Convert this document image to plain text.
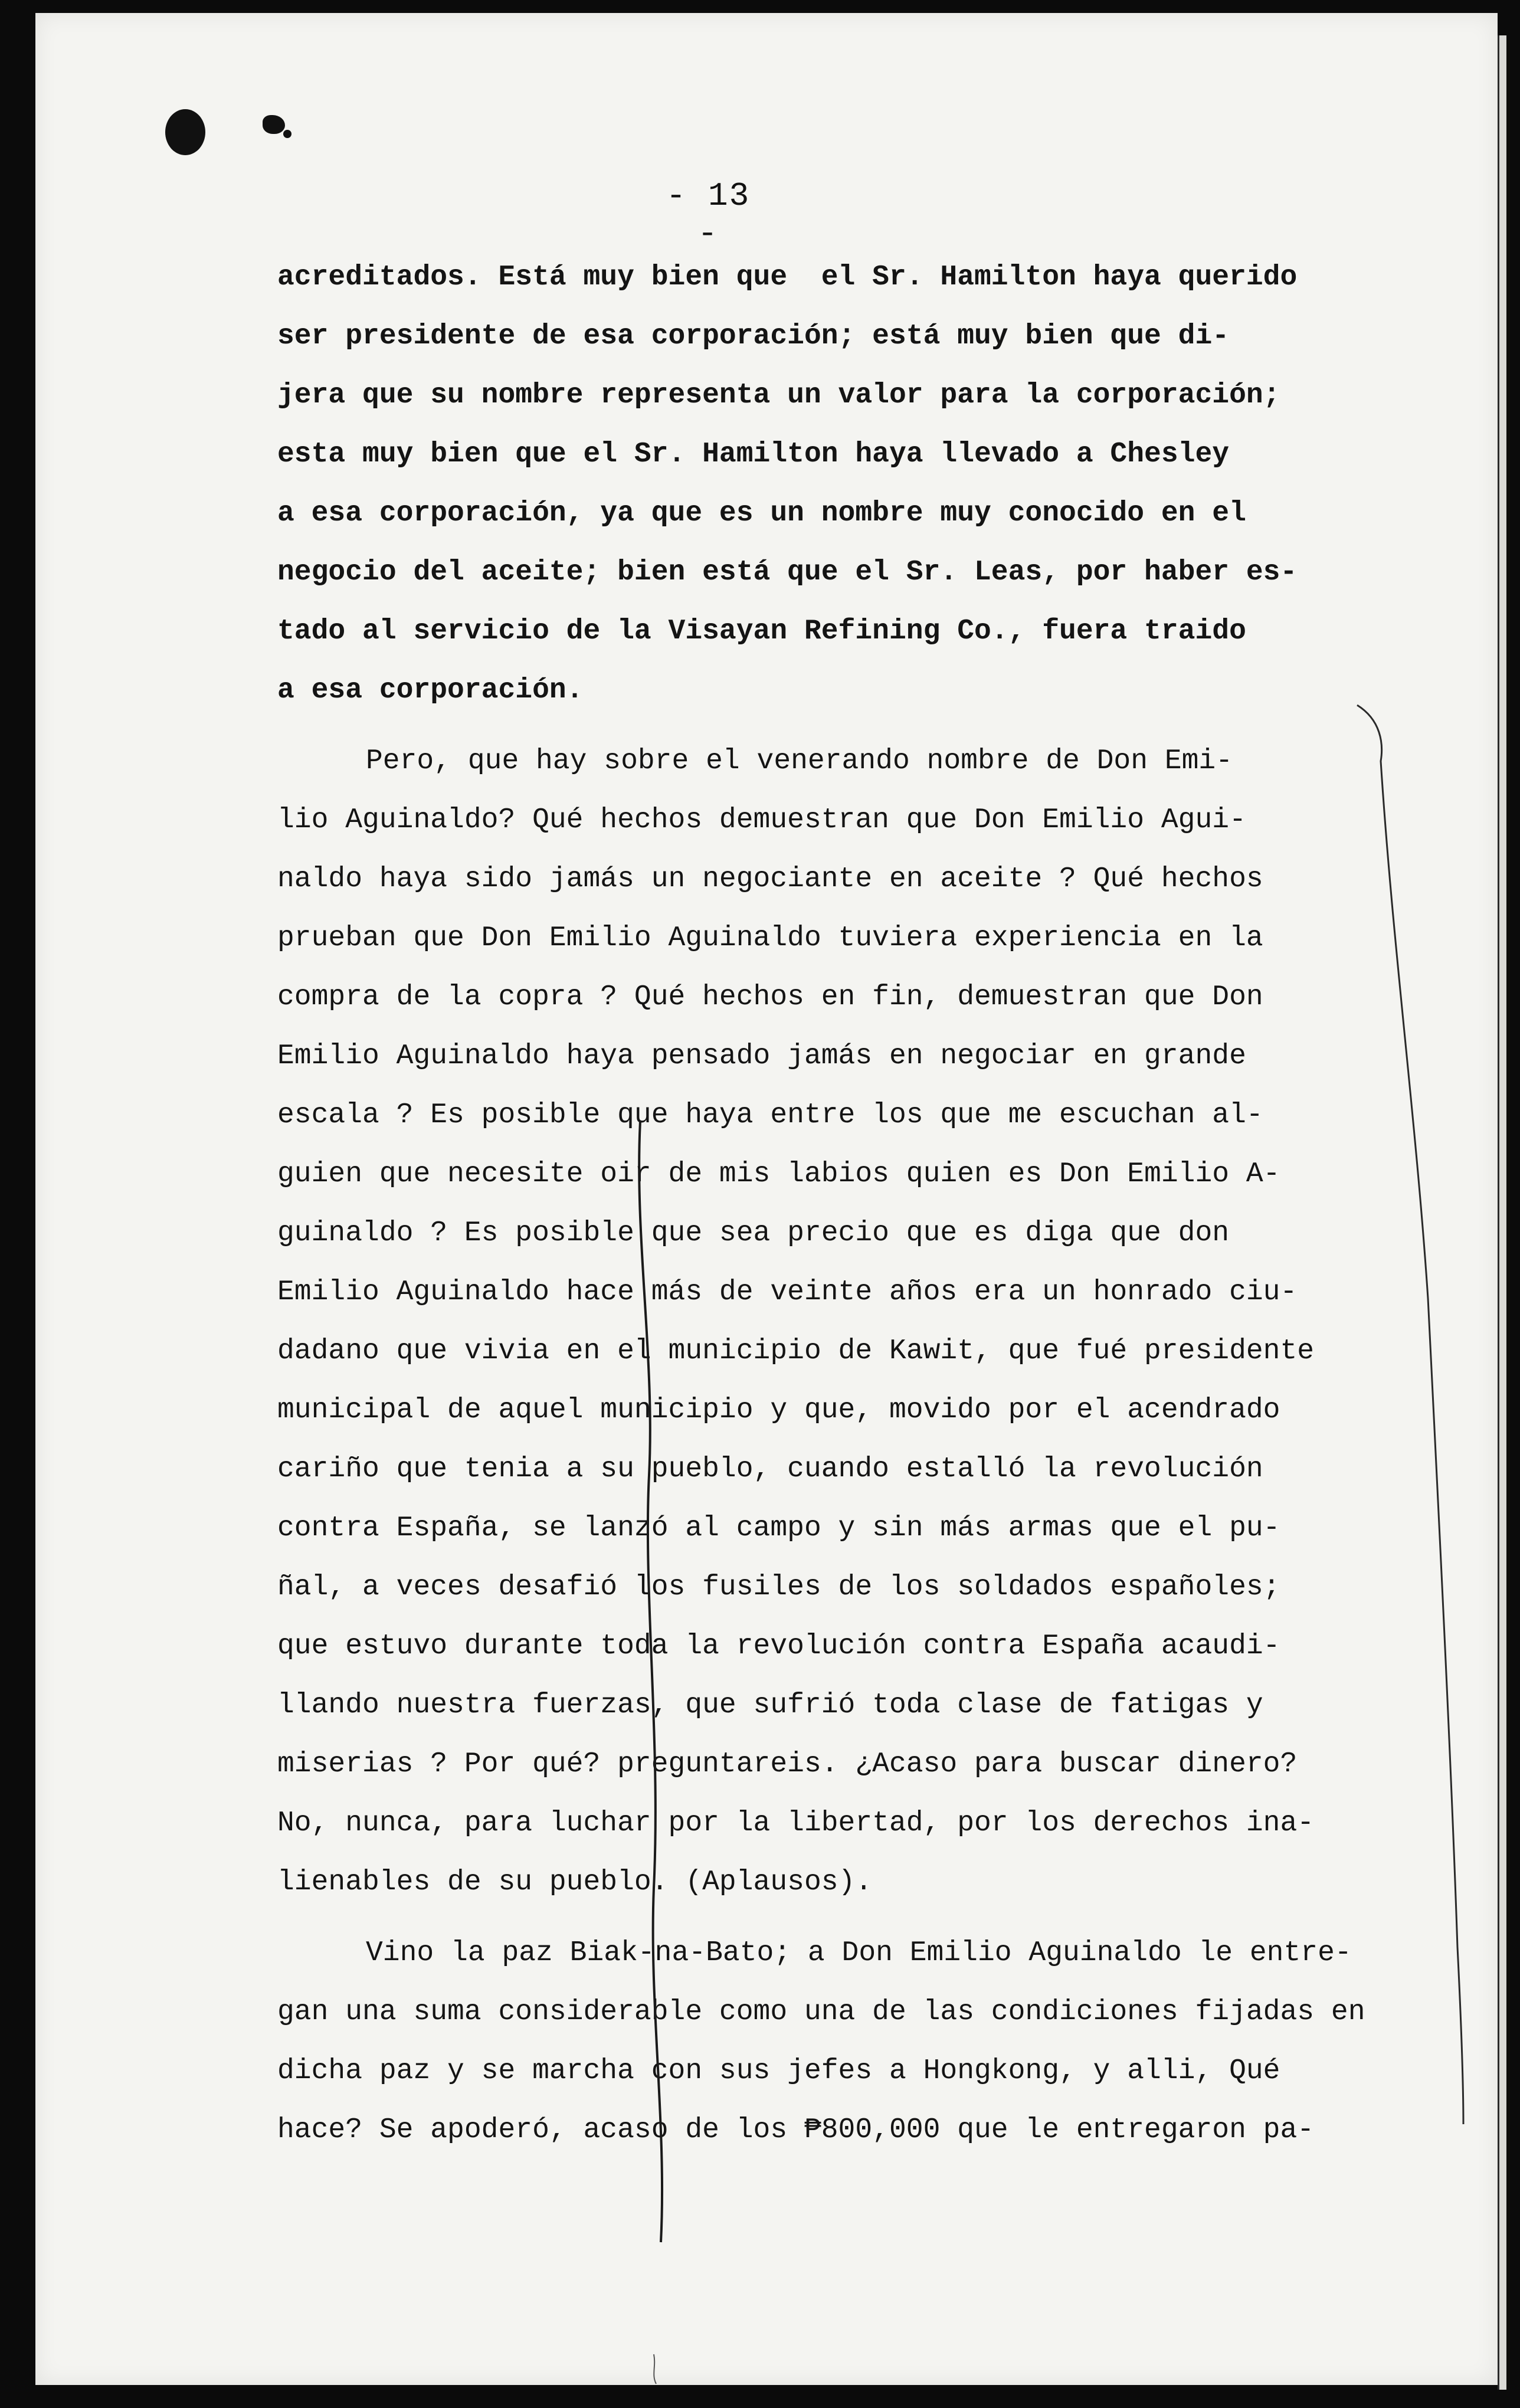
- 13 -
acreditados. Está muy bien que  el Sr. Hamilton haya querido
ser presidente de esa corporación; está muy bien que di-
jera que su nombre representa un valor para la corporación;
esta muy bien que el Sr. Hamilton haya llevado a Chesley
a esa corporación, ya que es un nombre muy conocido en el
negocio del aceite; bien está que el Sr. Leas, por haber es-
tado al servicio de la Visayan Refining Co., fuera traido
a esa corporación.
Pero, que hay sobre el venerando nombre de Don Emi-
lio Aguinaldo? Qué hechos demuestran que Don Emilio Agui-
naldo haya sido jamás un negociante en aceite ? Qué hechos
prueban que Don Emilio Aguinaldo tuviera experiencia en la
compra de la copra ? Qué hechos en fin, demuestran que Don
Emilio Aguinaldo haya pensado jamás en negociar en grande
escala ? Es posible que haya entre los que me escuchan al-
guien que necesite oir de mis labios quien es Don Emilio A-
guinaldo ? Es posible que sea precio que es diga que don
Emilio Aguinaldo hace más de veinte años era un honrado ciu-
dadano que vivia en el municipio de Kawit, que fué presidente
municipal de aquel municipio y que, movido por el acendrado
cariño que tenia a su pueblo, cuando estalló la revolución
contra España, se lanzó al campo y sin más armas que el pu-
ñal, a veces desafió los fusiles de los soldados españoles;
que estuvo durante toda la revolución contra España acaudi-
llando nuestra fuerzas, que sufrió toda clase de fatigas y
miserias ? Por qué? preguntareis. ¿Acaso para buscar dinero?
No, nunca, para luchar por la libertad, por los derechos ina-
lienables de su pueblo. (Aplausos).
Vino la paz Biak-na-Bato; a Don Emilio Aguinaldo le entre-
gan una suma considerable como una de las condiciones fijadas en
dicha paz y se marcha con sus jefes a Hongkong, y alli, Qué
hace? Se apoderó, acaso de los ₱800,000 que le entregaron pa-
